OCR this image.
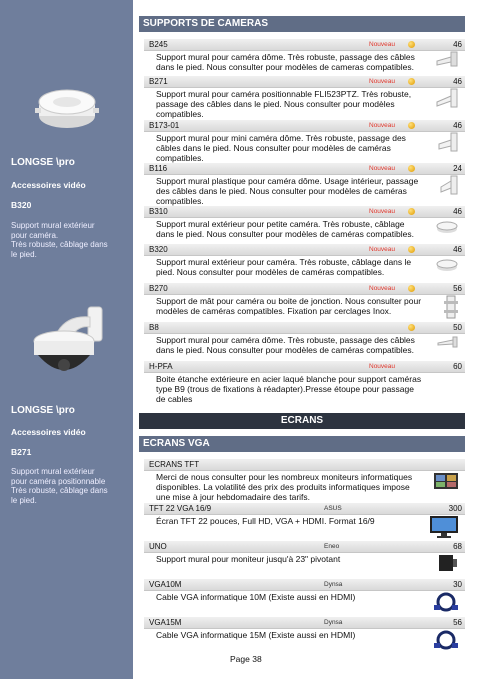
LONGSE \pro
Accessoires vidéo
B320
Support mural extérieur
pour caméra.
Très robuste, câblage dans
le pied.
LONGSE \pro
Accessoires vidéo
B271
Support mural extérieur
pour caméra positionnable
Très robuste, câblage dans
le pied.
SUPPORTS DE CAMERAS
ECRANS
ECRANS VGA
B245	Nouveau	46
Support mural pour caméra dôme. Très robuste, passage des câbles dans le pied. Nous consulter pour modèles de cameras compatibles.
B271	Nouveau	46
Support mural pour caméra positionnable FLI523PTZ. Très robuste, passage des câbles dans le pied. Nous consulter pour modèles compatibles.
B173-01	Nouveau	46
Support mural pour mini caméra dôme. Très robuste, passage des câbles dans le pied. Nous consulter pour modèles de caméras compatibles.
B116	Nouveau	24
Support mural plastique pour caméra dôme. Usage intérieur, passage des câbles dans le pied. Nous consulter pour modèles de caméras compatibles.
B310	Nouveau	46
Support mural extérieur pour petite caméra. Très robuste, câblage dans le pied. Nous consulter pour modèles de caméras compatibles.
B320	Nouveau	46
Support mural extérieur pour caméra. Très robuste, câblage dans le pied. Nous consulter pour modèles de caméras compatibles.
B270	Nouveau	56
Support de mât pour caméra ou boite de jonction. Nous consulter pour modèles de caméras compatibles. Fixation par cerclages Inox.
B8	50
Support mural pour caméra dôme. Très robuste, passage des câbles dans le pied. Nous consulter pour modèles de caméras compatibles.
H-PFA	Nouveau	60
Boite étanche extérieure en acier laqué blanche pour support caméras type B9 (trous de fixations à réadapter).Presse étoupe pour passage de cables
ECRANS TFT
Merci de nous consulter pour les nombreux moniteurs informatiques disponibles. La volatilité des prix des produits informatiques impose une mise à jour hebdomadaire des tarifs.
TFT 22 VGA 16/9	ASUS	300
Écran TFT 22 pouces, Full HD, VGA + HDMI. Format 16/9
UNO	Eneo	68
Support mural pour moniteur jusqu'à 23" pivotant
VGA10M	Dynsa	30
Cable VGA informatique 10M (Existe aussi en HDMI)
VGA15M	Dynsa	56
Cable VGA informatique 15M (Existe aussi en HDMI)
Page 38
